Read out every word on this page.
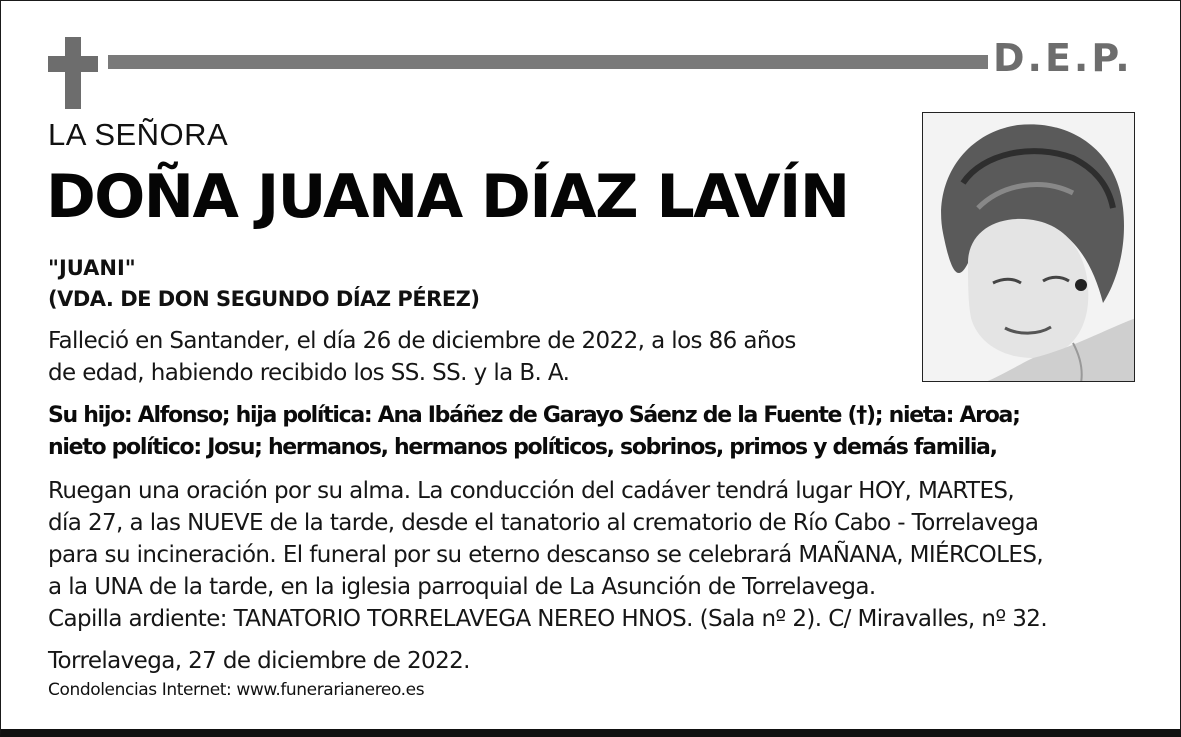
D.E.P.
LA SEÑORA
DOÑA JUANA DÍAZ LAVÍN
"JUANI"
(VDA. DE DON SEGUNDO DÍAZ PÉREZ)
Falleció en Santander, el día 26 de diciembre de 2022, a los 86 años
de edad, habiendo recibido los SS. SS. y la B. A.
Su hijo: Alfonso; hija política: Ana Ibáñez de Garayo Sáenz de la Fuente (†); nieta: Aroa;
nieto político: Josu; hermanos, hermanos políticos, sobrinos, primos y demás familia,
Ruegan una oración por su alma. La conducción del cadáver tendrá lugar HOY, MARTES,
día 27, a las NUEVE de la tarde, desde el tanatorio al crematorio de Río Cabo - Torrelavega
para su incineración. El funeral por su eterno descanso se celebrará MAÑANA, MIÉRCOLES,
a la UNA de la tarde, en la iglesia parroquial de La Asunción de Torrelavega.
Capilla ardiente: TANATORIO TORRELAVEGA NEREO HNOS. (Sala nº 2). C/ Miravalles, nº 32.
Torrelavega, 27 de diciembre de 2022.
Condolencias Internet: www.funerarianereo.es
